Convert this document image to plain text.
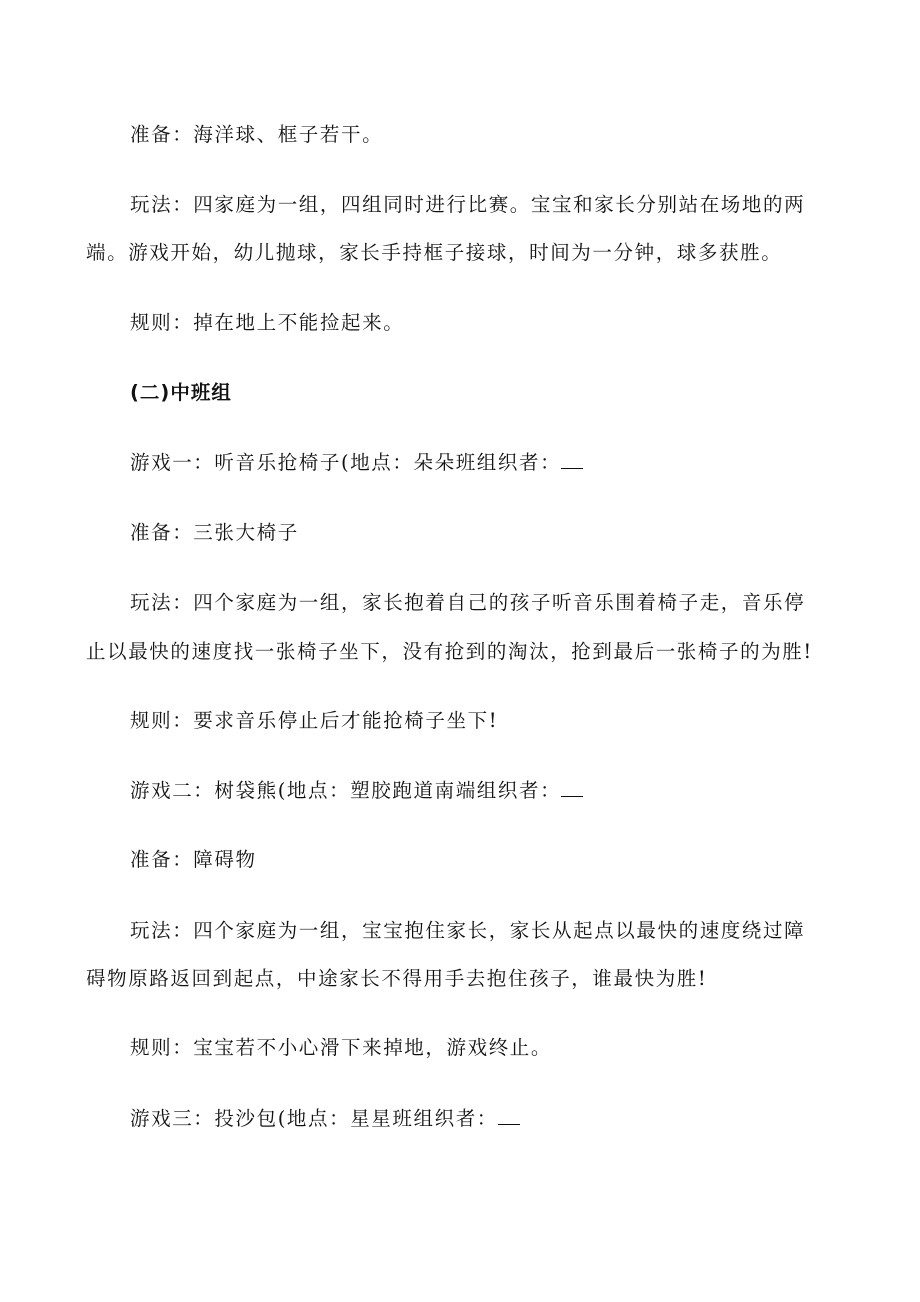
准备：海洋球、框子若干。
玩法：四家庭为一组，四组同时进行比赛。宝宝和家长分别站在场地的两
端。游戏开始，幼儿抛球，家长手持框子接球，时间为一分钟，球多获胜。
规则：掉在地上不能捡起来。
(二)中班组
游戏一：听音乐抢椅子(地点：朵朵班组织者：
准备：三张大椅子
玩法：四个家庭为一组，家长抱着自己的孩子听音乐围着椅子走，音乐停
止以最快的速度找一张椅子坐下，没有抢到的淘汰，抢到最后一张椅子的为胜!
规则：要求音乐停止后才能抢椅子坐下!
游戏二：树袋熊(地点：塑胶跑道南端组织者：
准备：障碍物
玩法：四个家庭为一组，宝宝抱住家长，家长从起点以最快的速度绕过障
碍物原路返回到起点，中途家长不得用手去抱住孩子，谁最快为胜!
规则：宝宝若不小心滑下来掉地，游戏终止。
游戏三：投沙包(地点：星星班组织者：
